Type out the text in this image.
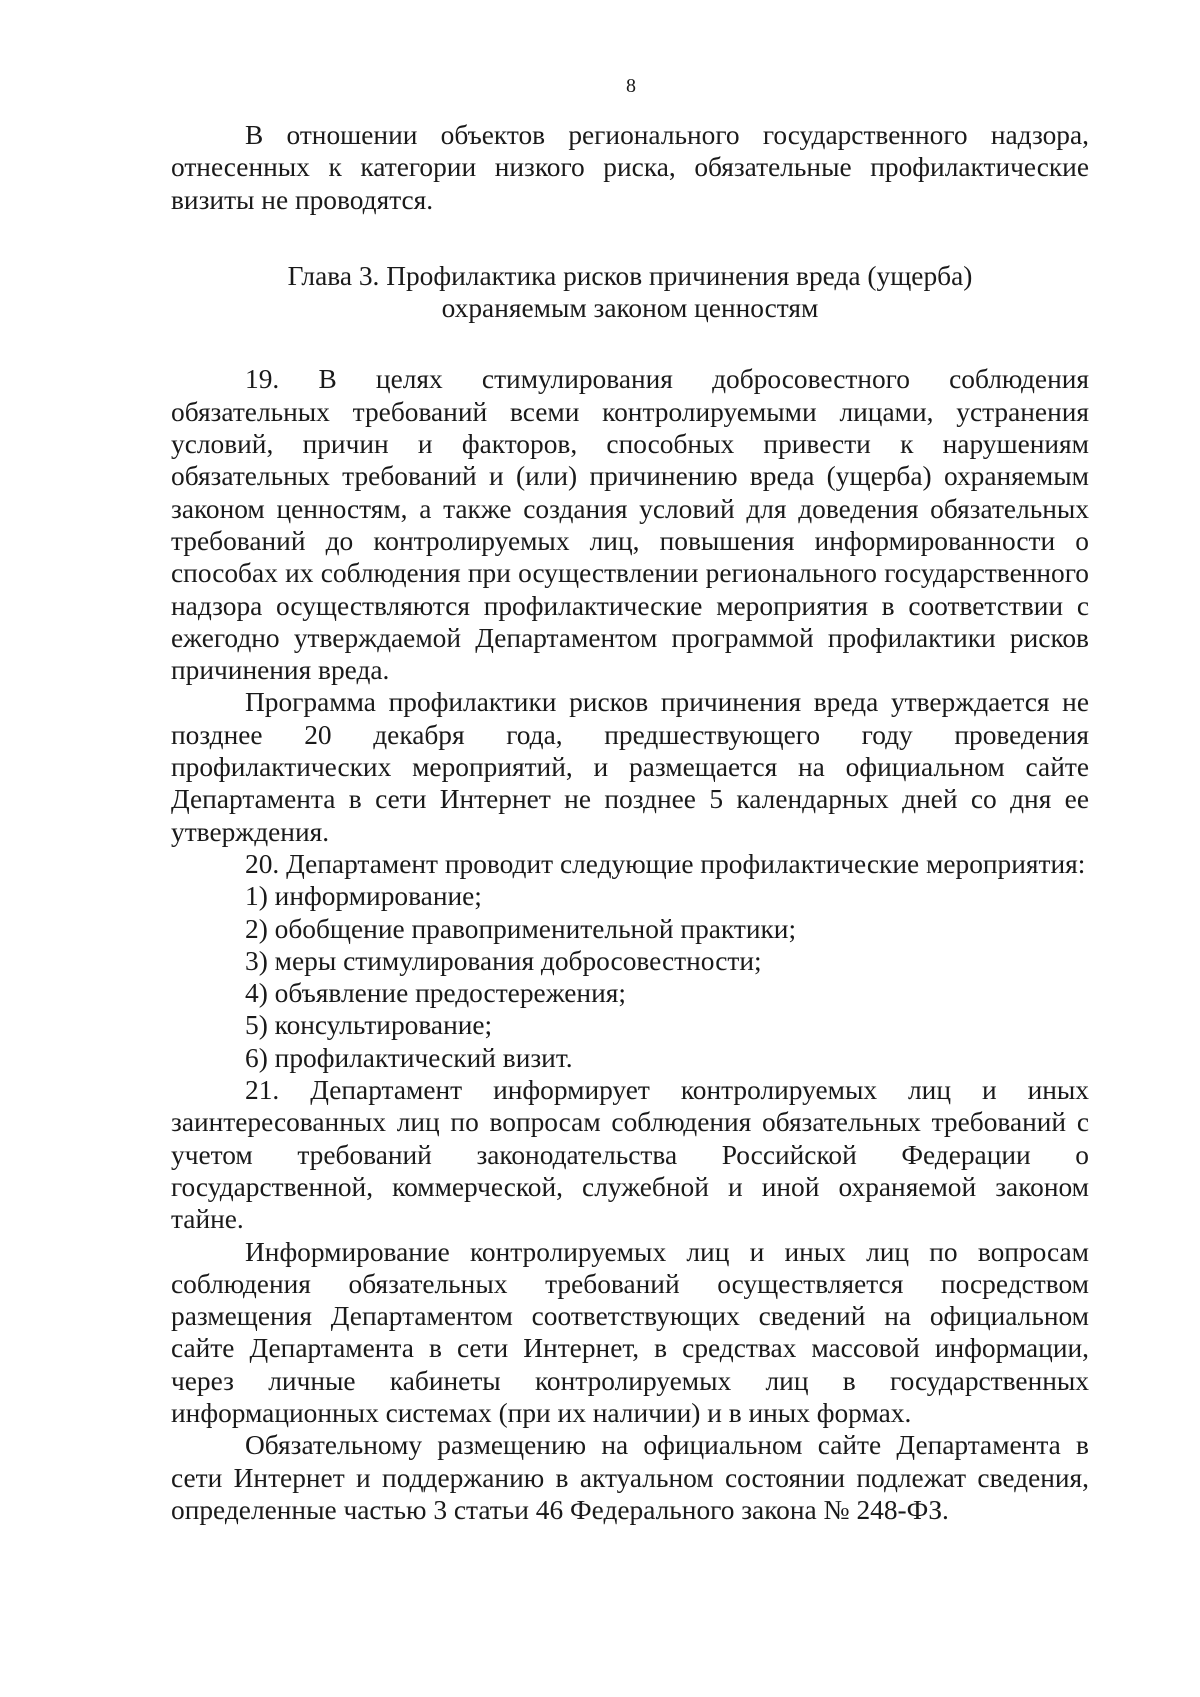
8

В отношении объектов регионального государственного надзора, отнесенных к категории низкого риска, обязательные профилактические визиты не проводятся.

Глава 3. Профилактика рисков причинения вреда (ущерба)

охраняемым законом ценностям

19. В целях стимулирования добросовестного соблюдения обязательных требований всеми контролируемыми лицами, устранения условий, причин и факторов, способных привести к нарушениям обязательных требований и (или) причинению вреда (ущерба) охраняемым законом ценностям, а также создания условий для доведения обязательных требований до контролируемых лиц, повышения информированности о способах их соблюдения при осуществлении регионального государственного надзора осуществляются профилактические мероприятия в соответствии с ежегодно утверждаемой Департаментом программой профилактики рисков причинения вреда.

Программа профилактики рисков причинения вреда утверждается не позднее 20 декабря года, предшествующего году проведения профилактических мероприятий, и размещается на официальном сайте Департамента в сети Интернет не позднее 5 календарных дней со дня ее утверждения.

20. Департамент проводит следующие профилактические мероприятия:

1) информирование;

2) обобщение правоприменительной практики;

3) меры стимулирования добросовестности;

4) объявление предостережения;

5) консультирование;

6) профилактический визит.

21. Департамент информирует контролируемых лиц и иных заинтересованных лиц по вопросам соблюдения обязательных требований с учетом требований законодательства Российской Федерации о государственной, коммерческой, служебной и иной охраняемой законом тайне.

Информирование контролируемых лиц и иных лиц по вопросам соблюдения обязательных требований осуществляется посредством размещения Департаментом соответствующих сведений на официальном сайте Департамента в сети Интернет, в средствах массовой информации, через личные кабинеты контролируемых лиц в государственных информационных системах (при их наличии) и в иных формах.

Обязательному размещению на официальном сайте Департамента в сети Интернет и поддержанию в актуальном состоянии подлежат сведения, определенные частью 3 статьи 46 Федерального закона № 248-ФЗ.
